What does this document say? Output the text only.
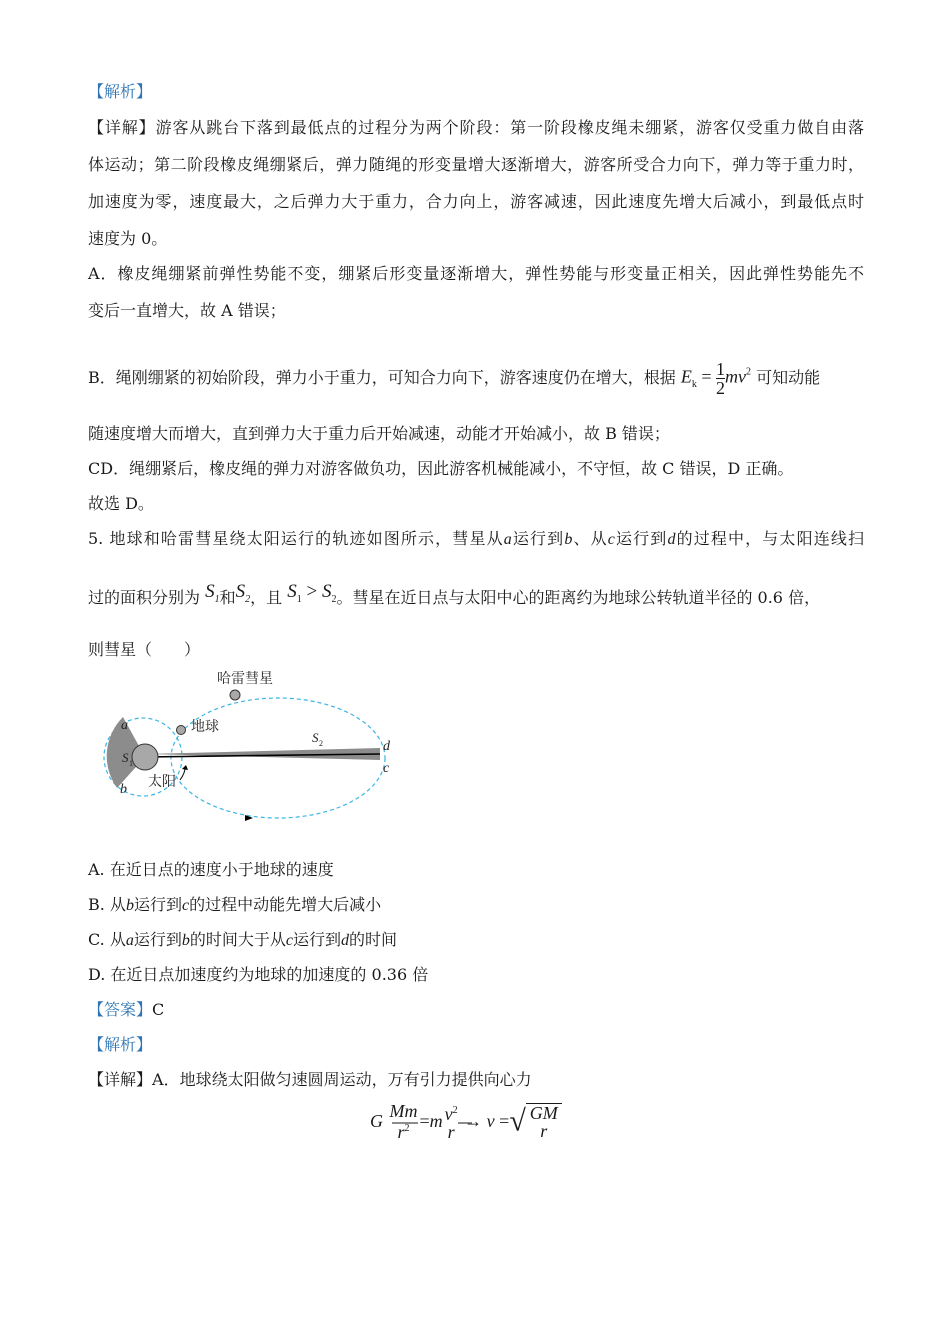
【解析】
【详解】游客从跳台下落到最低点的过程分为两个阶段：第一阶段橡皮绳未绷紧，游客仅受重力做自由落
体运动；第二阶段橡皮绳绷紧后，弹力随绳的形变量增大逐渐增大，游客所受合力向下，弹力等于重力时，
加速度为零，速度最大，之后弹力大于重力，合力向上，游客减速，因此速度先增大后减小，到最低点时
速度为 0。
A．橡皮绳绷紧前弹性势能不变，绷紧后形变量逐渐增大，弹性势能与形变量正相关，因此弹性势能先不
变后一直增大，故 A 错误；
B．绳刚绷紧的初始阶段，弹力小于重力，可知合力向下，游客速度仍在增大，根据 $E_k = \frac{1}{2} mv^2$ 可知动能
随速度增大而增大，直到弹力大于重力后开始减速，动能才开始减小，故 B 错误；
CD．绳绷紧后，橡皮绳的弹力对游客做负功，因此游客机械能减小，不守恒，故 C 错误，D 正确。
故选 D。
5. 地球和哈雷彗星绕太阳运行的轨迹如图所示，彗星从a运行到b、从c运行到d的过程中，与太阳连线扫
过的面积分别为 $S_1$和$S_2$，且 $S_1 > S_2$。彗星在近日点与太阳中心的距离约为地球公转轨道半径的 0.6 倍，
则彗星（　　）
哈雷彗星
地球
太阳
a
b
c
d
S 1
S 2
A. 在近日点的速度小于地球的速度
B. 从b运行到c的过程中动能先增大后减小
C. 从a运行到b的时间大于从c运行到d的时间
D. 在近日点加速度约为地球的加速度的 0.36 倍
【答案】C
【解析】
【详解】A．地球绕太阳做匀速圆周运动，万有引力提供向心力
G Mm
$r^2 =m$ $v^2$
r
→ v =√ GM
r
